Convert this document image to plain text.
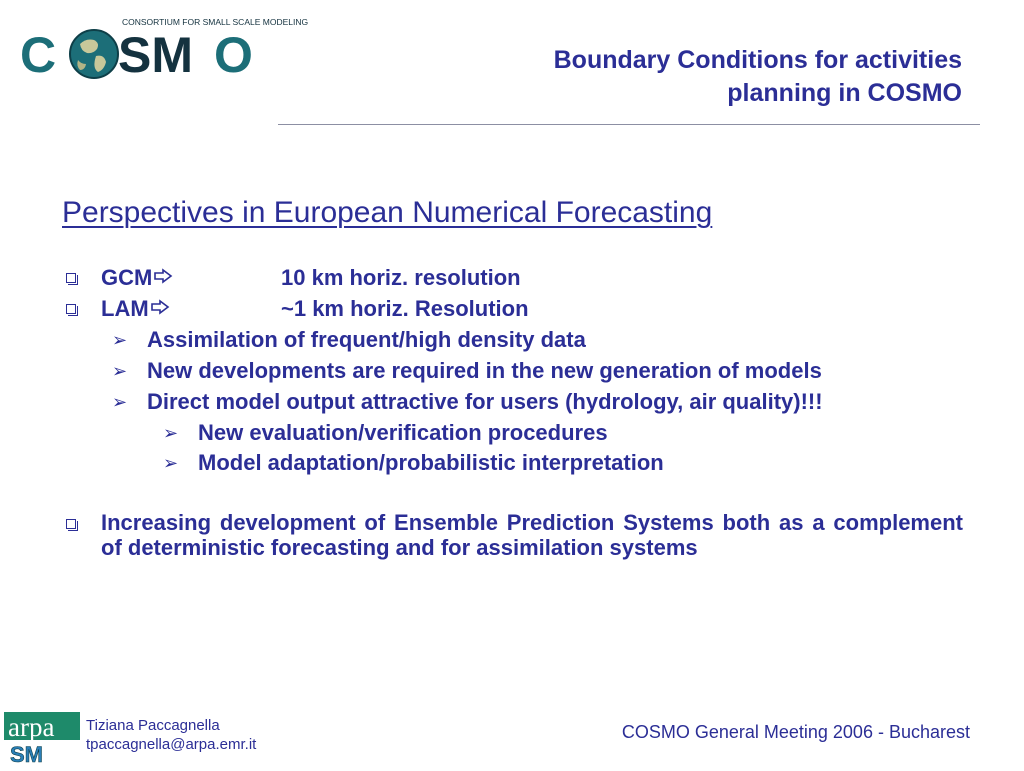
CONSORTIUM FOR SMALL SCALE MODELING
C SM O	Boundary Conditions for activities
planning in COSMO
Perspectives in European Numerical Forecasting
GCM	10 km horiz. resolution
LAM	~1 km horiz. Resolution
➢ Assimilation of frequent/high density data
➢ New developments are required in the new generation of models
➢ Direct model output attractive for users (hydrology, air quality)!!!
➢ New evaluation/verification procedures
➢ Model adaptation/probabilistic interpretation
Increasing development of Ensemble Prediction Systems both as a complement of deterministic forecasting and for assimilation systems
arpa
SM
Tiziana Paccagnella
tpaccagnella@arpa.emr.it
COSMO General Meeting 2006 - Bucharest
